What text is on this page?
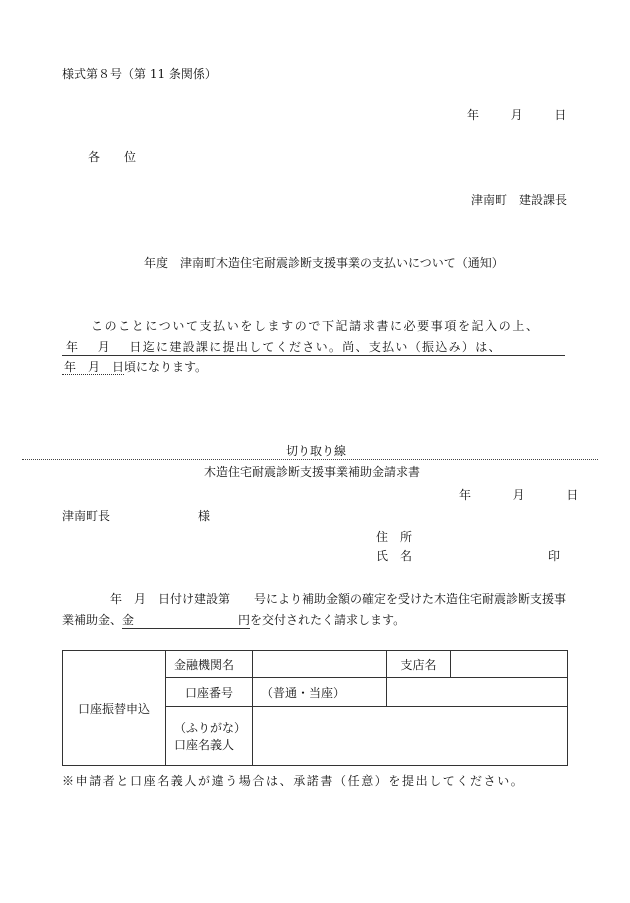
様式第８号（第 11 条関係）
年	月	日
各　　位
津南町　建設課長
年度　津南町木造住宅耐震診断支援事業の支払いについて（通知）
このことについて支払いをしますので下記請求書に必要事項を記入の上、
年　 月　 日迄に建設課に提出してください。尚、支払い（振込み）は、
年　月　日頃になります。
切り取り線
木造住宅耐震診断支援事業補助金請求書
年	月	日
津南町長	様
住　所
氏　名	印
年　月　日付け建設第　　号により補助金額の確定を受けた木造住宅耐震診断支援事
業補助金、金	円を交付されたく請求します。
口座振替申込	金融機関名		支店名	
	口座番号	（普通・当座）		

	（ふりがな）
口座名義人			

※申請者と口座名義人が違う場合は、承諾書（任意）を提出してください。
